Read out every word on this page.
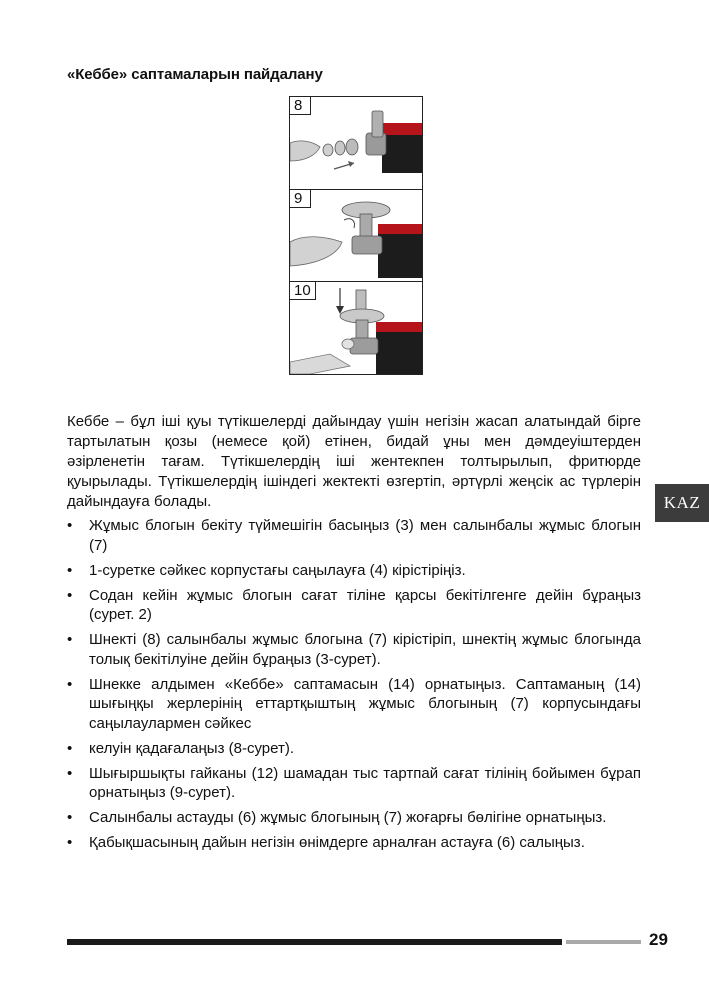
«Кеббе» саптамаларын пайдалану
8
9
10
Кеббе – бұл іші қуы түтікшелерді дайындау үшін негізін жасап алатындай бірге тартылатын қозы (немесе қой) етінен, бидай ұны мен дәмдеуіштерден әзірленетін тағам. Түтікшелердің іші жентекпен толтырылып, фритюрде қуырылады. Түтікшелердің ішіндегі жектекті өзгертіп, әртүрлі жеңсік ас түрлерін дайындауға болады.
• Жұмыс блогын бекіту түймешігін басыңыз (3) мен салынбалы жұмыс блогын (7)
• 1-суретке сәйкес корпустағы саңылауға (4) кірістіріңіз.
• Содан кейін жұмыс блогын сағат тіліне қарсы бекітілгенге дейін бұраңыз (сурет. 2)
• Шнекті (8) салынбалы жұмыс блогына (7) кірістіріп, шнектің жұмыс блогында толық бекітілуіне дейін бұраңыз (3-сурет).
• Шнекке алдымен «Кеббе» саптамасын (14) орнатыңыз. Саптаманың (14) шығыңқы жерлерінің еттартқыштың жұмыс блогының (7) корпусындағы саңылаулармен сәйкес
• келуін қадағалаңыз (8-сурет).
• Шығыршықты гайканы (12) шамадан тыс тартпай сағат тілінің бойымен бұрап орнатыңыз (9-сурет).
• Салынбалы астауды (6) жұмыс блогының (7) жоғарғы бөлігіне орнатыңыз.
• Қабықшасының дайын негізін өнімдерге арналған астауға (6) салыңыз.
KAZ
29
